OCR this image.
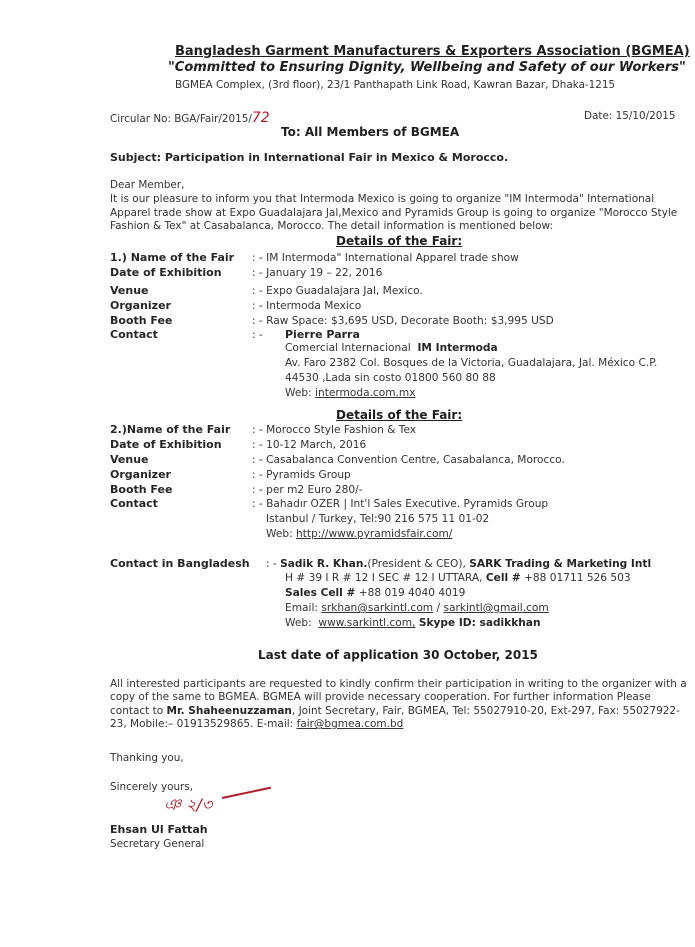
Bangladesh Garment Manufacturers & Exporters Association (BGMEA)
"Committed to Ensuring Dignity, Wellbeing and Safety of our Workers"
BGMEA Complex, (3rd floor), 23/1 Panthapath Link Road, Kawran Bazar, Dhaka-1215
Circular No: BGA/Fair/2015/72	Date: 15/10/2015
To: All Members of BGMEA
Subject: Participation in International Fair in Mexico & Morocco.
Dear Member,
It is our pleasure to inform you that Intermoda Mexico is going to organize "IM Intermoda" International Apparel trade show at Expo Guadalajara Jal,Mexico and Pyramids Group is going to organize "Morocco Style Fashion & Tex" at Casabalanca, Morocco. The detail information is mentioned below:
Details of the Fair:
1.) Name of the Fair : - IM Intermoda" International Apparel trade show
Date of Exhibition	: - January 19 – 22, 2016
Venue	: - Expo Guadalajara Jal, Mexico.
Organizer	: - Intermoda Mexico
Booth Fee	: - Raw Space: $3,695 USD, Decorate Booth: $3,995 USD
Contact	: - Pierre Parra
Comercial Internacional IM Intermoda
Av. Faro 2382 Col. Bosques de la Victoria, Guadalajara, Jal. México C.P.
44530 ,Lada sin costo 01800 560 80 88
Web: intermoda.com.mx
Details of the Fair:
2.)Name of the Fair : - Morocco Style Fashion & Tex
Date of Exhibition	: - 10-12 March, 2016
Venue	: - Casabalanca Convention Centre, Casabalanca, Morocco.
Organizer	: - Pyramids Group
Booth Fee	: - per m2 Euro 280/-
Contact	: - Bahadır OZER | Int'l Sales Executive. Pyramids Group
Istanbul / Turkey, Tel:90 216 575 11 01-02
Web: http://www.pyramidsfair.com/
Contact in Bangladesh : - Sadik R. Khan.(President & CEO), SARK Trading & Marketing Intl
H # 39 I R # 12 I SEC # 12 I UTTARA, Cell # +88 01711 526 503
Sales Cell # +88 019 4040 4019
Email: srkhan@sarkintl.com / sarkintl@gmail.com
Web: www.sarkintl.com, Skype ID: sadikkhan
Last date of application 30 October, 2015
All interested participants are requested to kindly confirm their participation in writing to the organizer with a copy of the same to BGMEA. BGMEA will provide necessary cooperation. For further information Please contact to Mr. Shaheenuzzaman, Joint Secretary, Fair, BGMEA, Tel: 55027910-20, Ext-297, Fax: 55027922-23, Mobile:– 01913529865. E-mail: fair@bgmea.com.bd
Thanking you,
Sincerely yours,
ঞ ২/৩
Ehsan Ul Fattah
Secretary General
